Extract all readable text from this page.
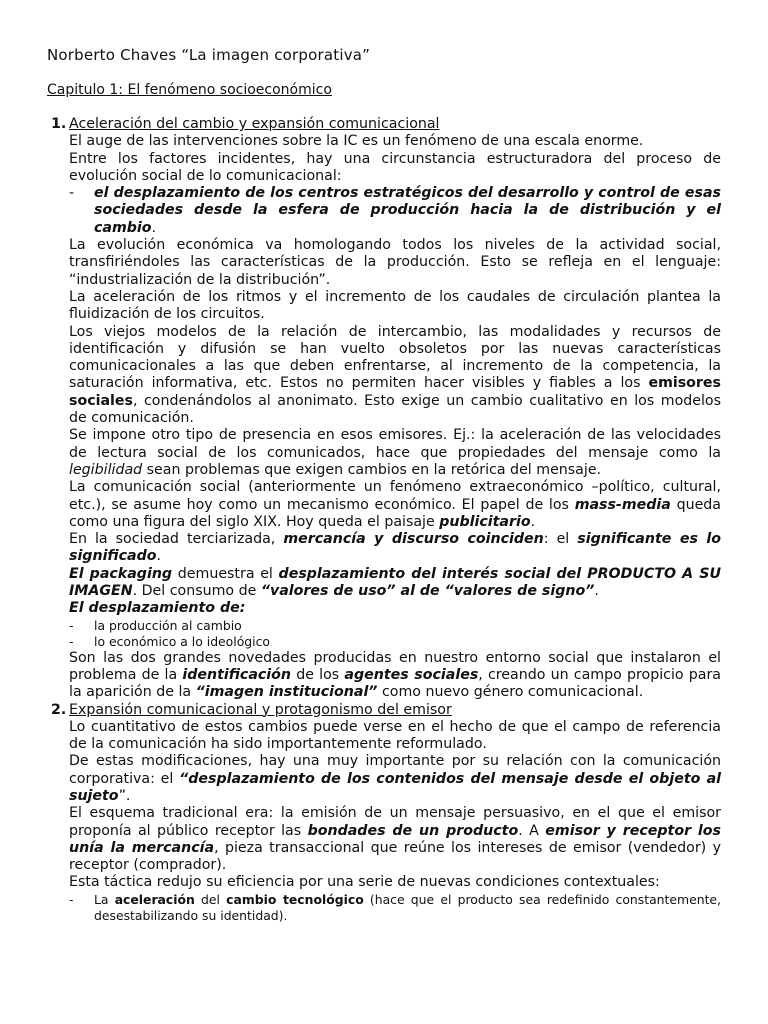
Norberto Chaves “La imagen corporativa”
Capitulo 1: El fenómeno socioeconómico
1. Aceleración del cambio y expansión comunicacional

El auge de las intervenciones sobre la IC es un fenómeno de una escala enorme.

Entre los factores incidentes, hay una circunstancia estructuradora del proceso de evolución social de lo comunicacional:

- el desplazamiento de los centros estratégicos del desarrollo y control de esas sociedades desde la esfera de producción hacia la de distribución y el cambio.

La evolución económica va homologando todos los niveles de la actividad social, transfiriéndoles las características de la producción. Esto se refleja en el lenguaje: “industrialización de la distribución”.

La aceleración de los ritmos y el incremento de los caudales de circulación plantea la fluidización de los circuitos.

Los viejos modelos de la relación de intercambio, las modalidades y recursos de identificación y difusión se han vuelto obsoletos por las nuevas características comunicacionales a las que deben enfrentarse, al incremento de la competencia, la saturación informativa, etc. Estos no permiten hacer visibles y fiables a los emisores sociales, condenándolos al anonimato. Esto exige un cambio cualitativo en los modelos de comunicación.

Se impone otro tipo de presencia en esos emisores. Ej.: la aceleración de las velocidades de lectura social de los comunicados, hace que propiedades del mensaje como la legibilidad sean problemas que exigen cambios en la retórica del mensaje.

La comunicación social (anteriormente un fenómeno extraeconómico –político, cultural, etc.), se asume hoy como un mecanismo económico. El papel de los mass-media queda como una figura del siglo XIX. Hoy queda el paisaje publicitario.

En la sociedad terciarizada, mercancía y discurso coinciden: el significante es lo significado.

El packaging demuestra el desplazamiento del interés social del PRODUCTO A SU IMAGEN. Del consumo de “valores de uso” al de “valores de signo”.

El desplazamiento de:

- la producción al cambio

- lo económico a lo ideológico

Son las dos grandes novedades producidas en nuestro entorno social que instalaron el problema de la identificación de los agentes sociales, creando un campo propicio para la aparición de la “imagen institucional” como nuevo género comunicacional.

2. Expansión comunicacional y protagonismo del emisor

Lo cuantitativo de estos cambios puede verse en el hecho de que el campo de referencia de la comunicación ha sido importantemente reformulado.

De estas modificaciones, hay una muy importante por su relación con la comunicación corporativa: el “desplazamiento de los contenidos del mensaje desde el objeto al sujeto”.

El esquema tradicional era: la emisión de un mensaje persuasivo, en el que el emisor proponía al público receptor las bondades de un producto. A emisor y receptor los unía la mercancía, pieza transaccional que reúne los intereses de emisor (vendedor) y receptor (comprador).

Esta táctica redujo su eficiencia por una serie de nuevas condiciones contextuales:

- La aceleración del cambio tecnológico (hace que el producto sea redefinido constantemente, desestabilizando su identidad).
